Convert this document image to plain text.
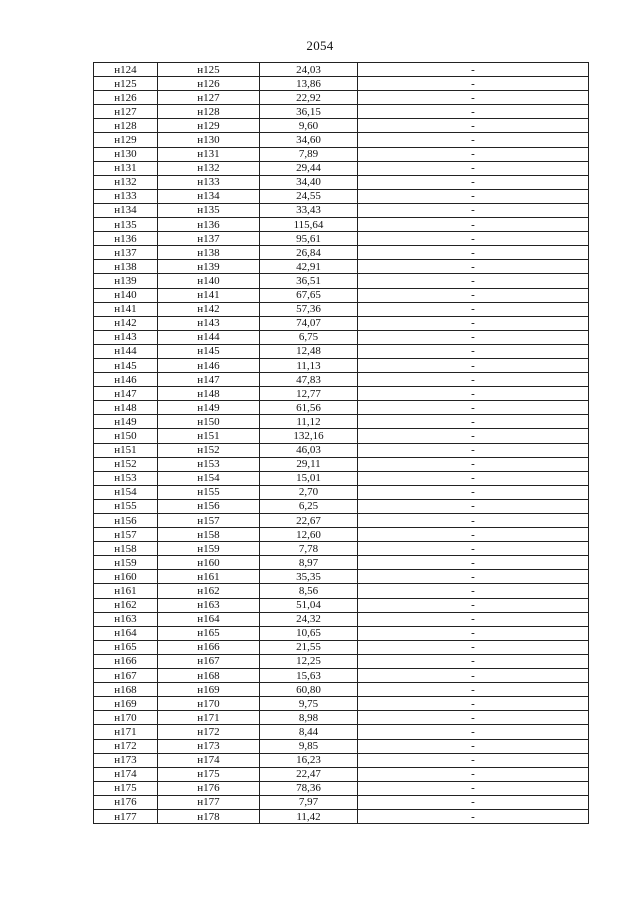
2054
н124	н125	24,03	-
н125	н126	13,86	-
н126	н127	22,92	-
н127	н128	36,15	-
н128	н129	9,60	-
н129	н130	34,60	-
н130	н131	7,89	-
н131	н132	29,44	-
н132	н133	34,40	-
н133	н134	24,55	-
н134	н135	33,43	-
н135	н136	115,64	-
н136	н137	95,61	-
н137	н138	26,84	-
н138	н139	42,91	-
н139	н140	36,51	-
н140	н141	67,65	-
н141	н142	57,36	-
н142	н143	74,07	-
н143	н144	6,75	-
н144	н145	12,48	-
н145	н146	11,13	-
н146	н147	47,83	-
н147	н148	12,77	-
н148	н149	61,56	-
н149	н150	11,12	-
н150	н151	132,16	-
н151	н152	46,03	-
н152	н153	29,11	-
н153	н154	15,01	-
н154	н155	2,70	-
н155	н156	6,25	-
н156	н157	22,67	-
н157	н158	12,60	-
н158	н159	7,78	-
н159	н160	8,97	-
н160	н161	35,35	-
н161	н162	8,56	-
н162	н163	51,04	-
н163	н164	24,32	-
н164	н165	10,65	-
н165	н166	21,55	-
н166	н167	12,25	-
н167	н168	15,63	-
н168	н169	60,80	-
н169	н170	9,75	-
н170	н171	8,98	-
н171	н172	8,44	-
н172	н173	9,85	-
н173	н174	16,23	-
н174	н175	22,47	-
н175	н176	78,36	-
н176	н177	7,97	-
н177	н178	11,42	-
